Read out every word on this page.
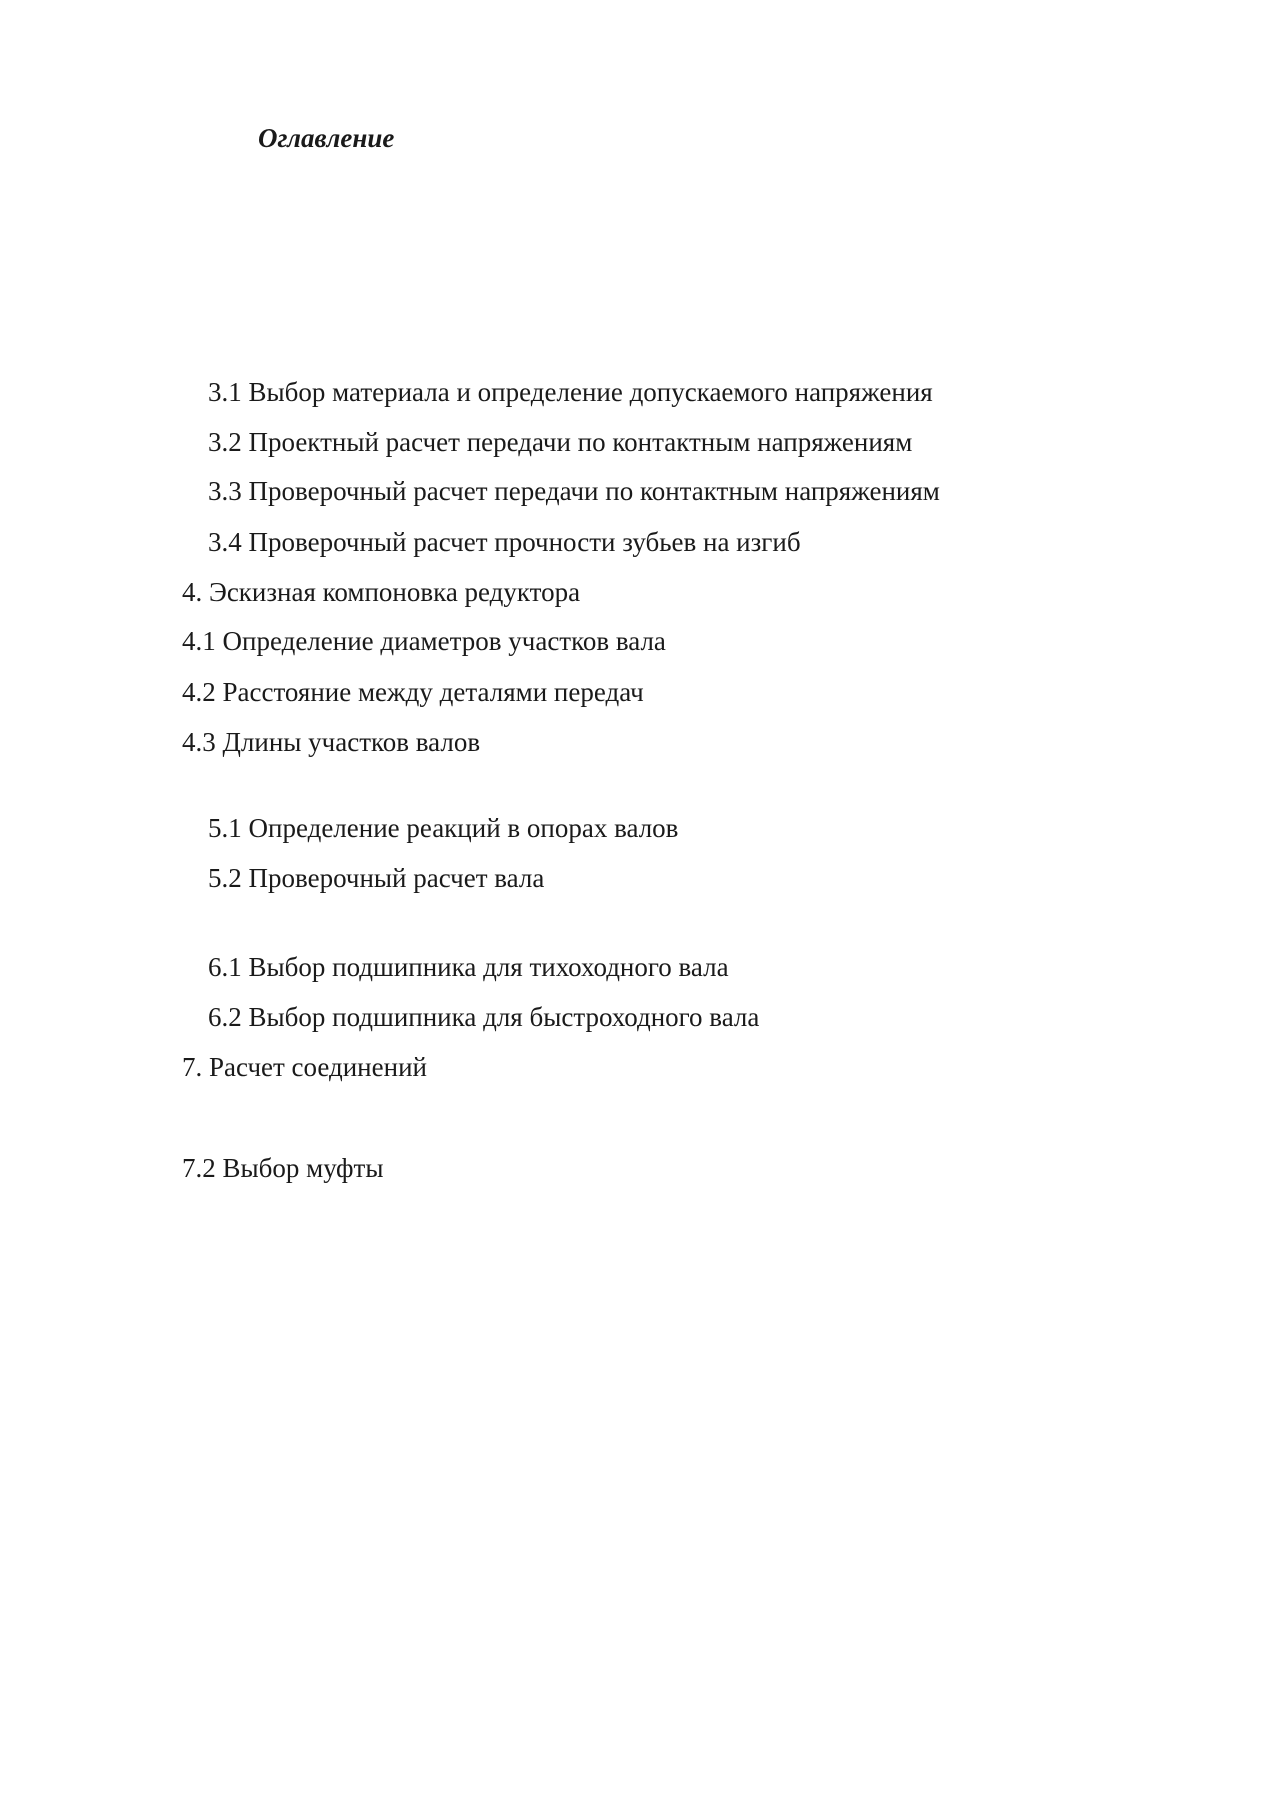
Оглавление

3.1 Выбор материала и определение допускаемого напряжения

3.2 Проектный расчет передачи по контактным напряжениям

3.3 Проверочный расчет передачи по контактным напряжениям

3.4 Проверочный расчет прочности зубьев на изгиб

4. Эскизная компоновка редуктора

4.1 Определение диаметров участков вала

4.2 Расстояние между деталями передач

4.3 Длины участков валов

5.1 Определение реакций в опорах валов

5.2 Проверочный расчет вала

6.1 Выбор подшипника для тихоходного вала

6.2 Выбор подшипника для быстроходного вала

7. Расчет соединений

7.2 Выбор муфты
